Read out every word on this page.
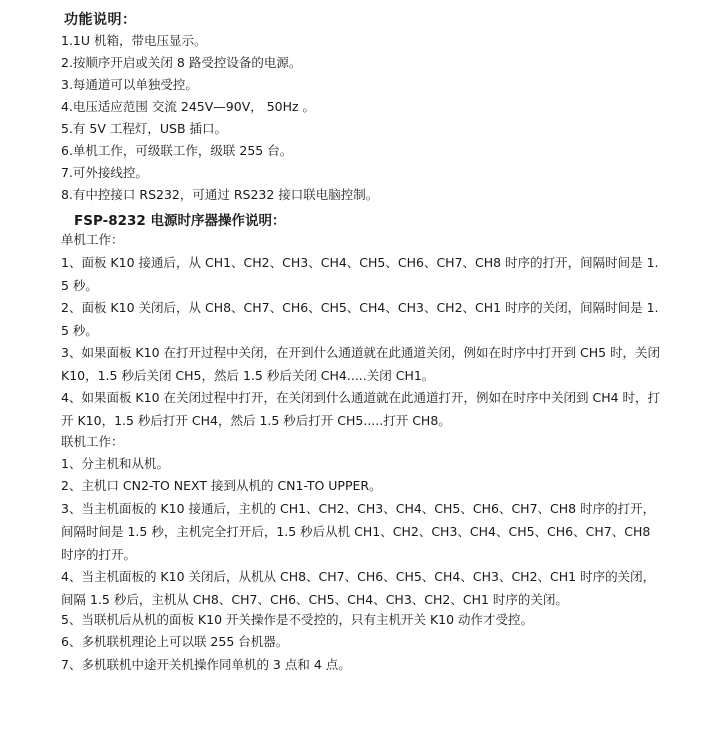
功能说明：
1.1U 机箱，带电压显示。
2.按顺序开启或关闭 8 路受控设备的电源。
3.每通道可以单独受控。
4.电压适应范围 交流 245V—90V， 50Hz 。
5.有 5V 工程灯，USB 插口。
6.单机工作，可级联工作，级联 255 台。
7.可外接线控。
8.有中控接口 RS232，可通过 RS232 接口联电脑控制。
FSP-8232 电源时序器操作说明：
单机工作：
1、面板 K10 接通后，从 CH1、CH2、CH3、CH4、CH5、CH6、CH7、CH8 时序的打开，间隔时间是 1.5 秒。
2、面板 K10 关闭后，从 CH8、CH7、CH6、CH5、CH4、CH3、CH2、CH1 时序的关闭，间隔时间是 1.5 秒。
3、如果面板 K10 在打开过程中关闭，在开到什么通道就在此通道关闭，例如在时序中打开到 CH5 时，关闭 K10，1.5 秒后关闭 CH5，然后 1.5 秒后关闭 CH4.....关闭 CH1。
4、如果面板 K10 在关闭过程中打开，在关闭到什么通道就在此通道打开，例如在时序中关闭到 CH4 时，打开 K10，1.5 秒后打开 CH4，然后 1.5 秒后打开 CH5.....打开 CH8。
联机工作：
1、分主机和从机。
2、主机口 CN2-TO NEXT 接到从机的 CN1-TO UPPER。
3、当主机面板的 K10 接通后，主机的 CH1、CH2、CH3、CH4、CH5、CH6、CH7、CH8 时序的打开，间隔时间是 1.5 秒，主机完全打开后，1.5 秒后从机 CH1、CH2、CH3、CH4、CH5、CH6、CH7、CH8 时序的打开。
4、当主机面板的 K10 关闭后，从机从 CH8、CH7、CH6、CH5、CH4、CH3、CH2、CH1 时序的关闭，间隔 1.5 秒后，主机从 CH8、CH7、CH6、CH5、CH4、CH3、CH2、CH1 时序的关闭。
5、当联机后从机的面板 K10 开关操作是不受控的，只有主机开关 K10 动作才受控。
6、多机联机理论上可以联 255 台机器。
7、多机联机中途开关机操作同单机的 3 点和 4 点。
